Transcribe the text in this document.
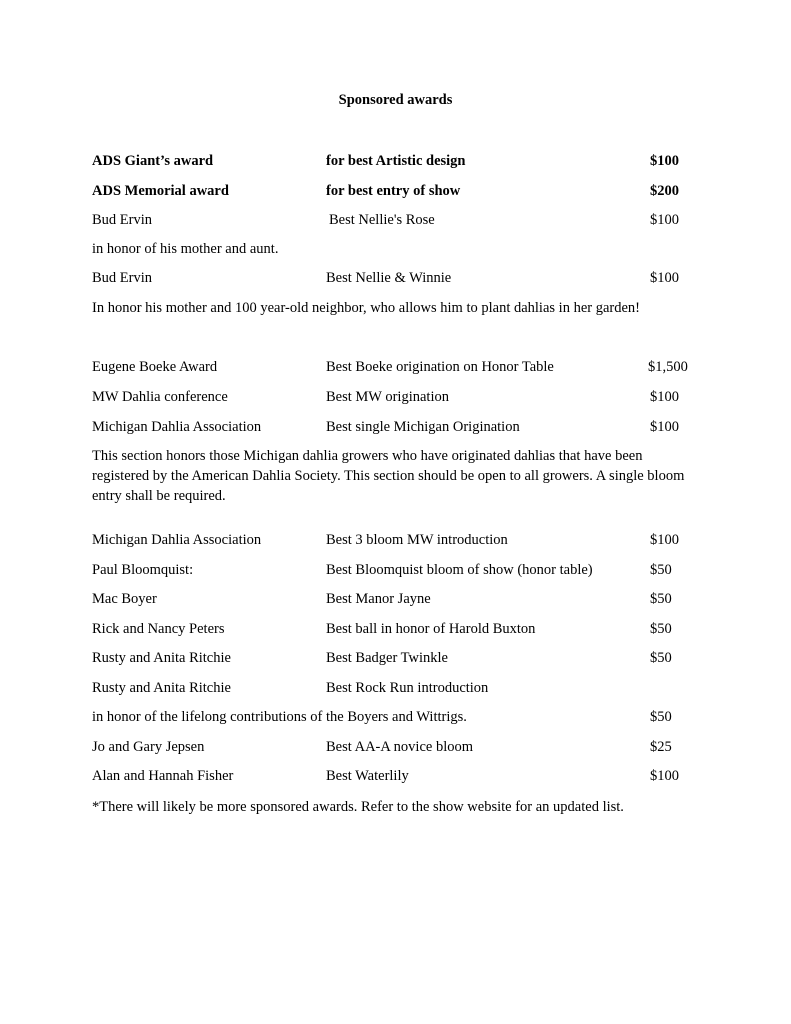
Sponsored awards
ADS Giant’s award	for best Artistic design	$100
ADS Memorial award	for best entry of show	$200
Bud Ervin	Best Nellie's Rose	$100
in honor of his mother and aunt.
Bud Ervin	Best Nellie & Winnie	$100
In honor his mother and 100 year-old neighbor, who allows him to plant dahlias in her garden!
Eugene Boeke Award	Best Boeke origination on Honor Table	$1,500
MW Dahlia conference	Best MW origination	$100
Michigan Dahlia Association	Best single Michigan Origination	$100
This section honors those Michigan dahlia growers who have originated dahlias that have been registered by the American Dahlia Society. This section should be open to all growers. A single bloom entry shall be required.
Michigan Dahlia Association	Best 3 bloom MW introduction	$100
Paul Bloomquist:	Best Bloomquist bloom of show (honor table)	$50
Mac Boyer	Best Manor Jayne	$50
Rick and Nancy Peters	Best ball in honor of Harold Buxton	$50
Rusty and Anita Ritchie	Best Badger Twinkle	$50
Rusty and Anita Ritchie	Best Rock Run introduction
in honor of the lifelong contributions of the Boyers and Wittrigs.	$50
Jo and Gary Jepsen	Best AA-A novice bloom	$25
Alan and Hannah Fisher	Best Waterlily	$100
*There will likely be more sponsored awards. Refer to the show website for an updated list.
